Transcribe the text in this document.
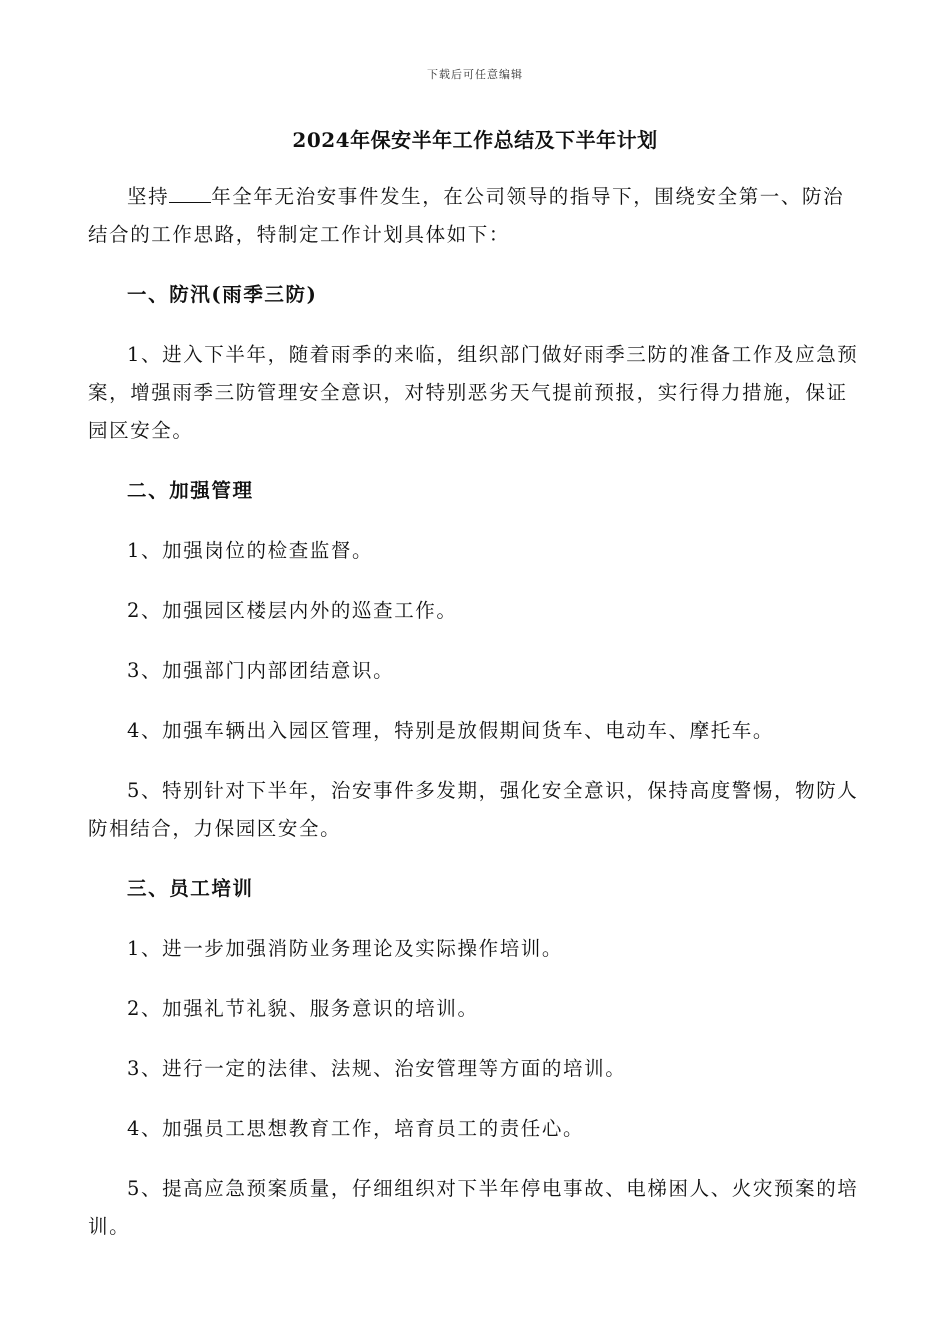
下载后可任意编辑
2024年保安半年工作总结及下半年计划

坚持 年全年无治安事件发生，在公司领导的指导下，围绕安全第一、防治结合的工作思路，特制定工作计划具体如下：

一、防汛(雨季三防)

1、进入下半年，随着雨季的来临，组织部门做好雨季三防的准备工作及应急预案，增强雨季三防管理安全意识，对特别恶劣天气提前预报，实行得力措施，保证园区安全。

二、加强管理

1、加强岗位的检查监督。

2、加强园区楼层内外的巡查工作。

3、加强部门内部团结意识。

4、加强车辆出入园区管理，特别是放假期间货车、电动车、摩托车。

5、特别针对下半年，治安事件多发期，强化安全意识，保持高度警惕，物防人防相结合，力保园区安全。

三、员工培训

1、进一步加强消防业务理论及实际操作培训。

2、加强礼节礼貌、服务意识的培训。

3、进行一定的法律、法规、治安管理等方面的培训。

4、加强员工思想教育工作，培育员工的责任心。

5、提高应急预案质量，仔细组织对下半年停电事故、电梯困人、火灾预案的培训。
